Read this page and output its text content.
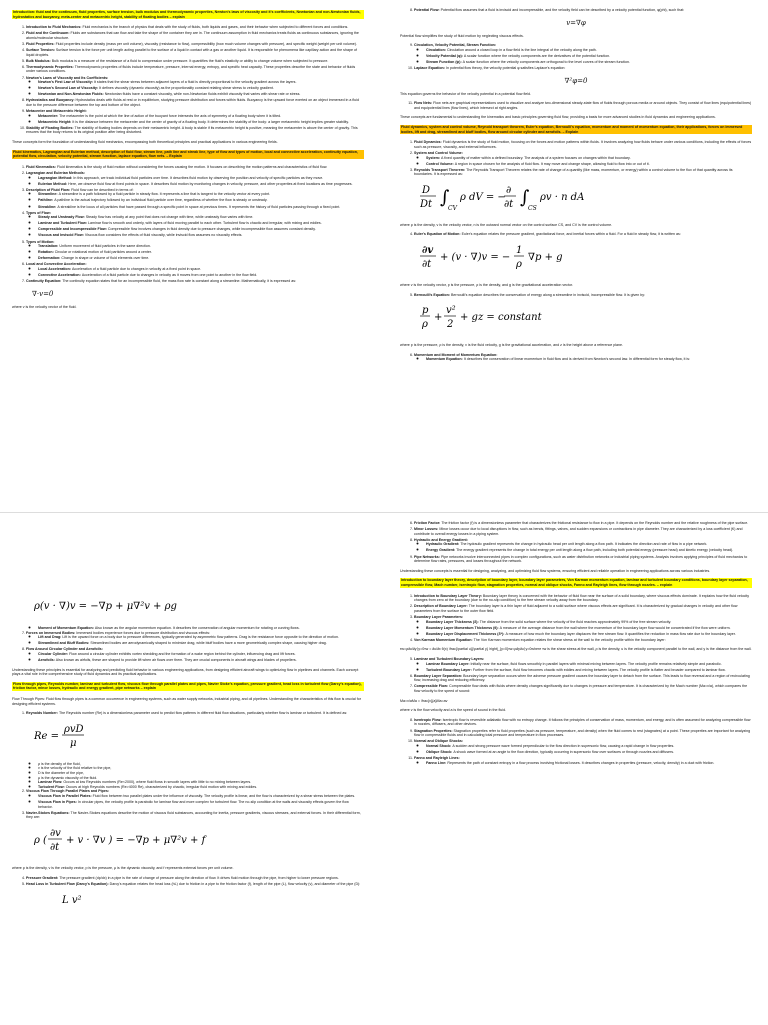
Introduction: fluid and the continuum, fluid properties, surface tension, bulk modulus and thermodynamic properties, Newton's laws of viscosity and it's coefficients, Newtonian and non-Newtonian fluids, hydrostatics and buoyancy, meta-center and metacentric height, stability of floating bodies – explain
1. Introduction to Fluid Mechanics: Fluid mechanics is the branch of physics that deals with the study of fluids, both liquids and gases, and their behavior when subjected to different forces and conditions.
2. Fluid and the Continuum: Fluids are substances that can flow and take the shape of the container they are in. The continuum assumption in fluid mechanics treats fluids as continuous substances, ignoring the atomic/molecular structure.
3. Fluid Properties: Fluid properties include density (mass per unit volume), viscosity (resistance to flow), compressibility (how much volume changes with pressure), and specific weight (weight per unit volume).
4. Surface Tension: Surface tension is the force per unit length acting parallel to the surface of a liquid in contact with a gas or another liquid. It is responsible for phenomena like capillary action and the shape of liquid droplets.
5. Bulk Modulus: Bulk modulus is a measure of the resistance of a fluid to compression under pressure. It quantifies the fluid's elasticity or ability to change volume when subjected to pressure.
6. Thermodynamic Properties: Thermodynamic properties of fluids include temperature, pressure, internal energy, entropy, and specific heat capacity. These properties describe the state and behavior of fluids under various conditions.
7. Newton's Laws of Viscosity and Its Coefficients:
◦ Newton's First Law of Viscosity: It states that the shear stress between adjacent layers of a fluid is directly proportional to the velocity gradient across the layers.
◦ Newton's Second Law of Viscosity: It defines viscosity (dynamic viscosity) as the proportionality constant relating shear stress to velocity gradient.
◦ Newtonian and Non-Newtonian Fluids: Newtonian fluids have a constant viscosity, while non-Newtonian fluids exhibit viscosity that varies with shear rate or stress.
8. Hydrostatics and Buoyancy: Hydrostatics deals with fluids at rest or in equilibrium, studying pressure distribution and forces within fluids. Buoyancy is the upward force exerted on an object immersed in a fluid due to the pressure difference between the top and bottom of the object.
9. Metacenter and Metacentric Height:
◦ Metacenter: The metacenter is the point at which the line of action of the buoyant force intersects the axis of symmetry of a floating body when it is tilted.
◦ Metacentric Height: It is the distance between the metacenter and the center of gravity of a floating body. It determines the stability of the body: a larger metacentric height implies greater stability.
10. Stability of Floating Bodies: The stability of floating bodies depends on their metacentric height. A body is stable if its metacentric height is positive, meaning the metacenter is above the center of gravity. This ensures that the body returns to its original position after being disturbed.

These concepts form the foundation of understanding fluid mechanics, encompassing both theoretical principles and practical applications in various engineering fields.

Fluid kinematics, Lagrangian and Eulerian method, description of fluid flow, stream line, path line and streak line, type of flow and types of motion, local and connective acceleration, continuity equation, potential flow, circulation, velocity potential, stream function, laplace equation, flow nets. – Explain
1. Fluid Kinematics: Fluid kinematics is the study of fluid motion without considering the forces causing the motion. It focuses on describing the motion patterns and characteristics of fluid flow.
2. Lagrangian and Eulerian Methods:
◦ Lagrangian Method: In this approach, we track individual fluid particles over time. It describes fluid motion by observing the position and velocity of specific particles as they move.
◦ Eulerian Method: Here, we observe fluid flow at fixed points in space. It describes fluid motion by monitoring changes in velocity, pressure, and other properties at fixed locations as time progresses.
3. Description of Fluid Flow: Fluid flow can be described in terms of:
◦ Streamline: A streamline is a path followed by a fluid particle in steady flow. It represents a line that is tangent to the velocity vector at every point.
◦ Pathline: A pathline is the actual trajectory followed by an individual fluid particle over time, regardless of whether the flow is steady or unsteady.
◦ Streakline: A streakline is the locus of all particles that have passed through a specific point in space at previous times. It represents the history of fluid particles passing through a fixed point.
4. Types of Flow:
◦ Steady and Unsteady Flow: Steady flow has velocity at any point that does not change with time, while unsteady flow varies with time.
◦ Laminar and Turbulent Flow: Laminar flow is smooth and orderly, with layers of fluid moving parallel to each other. Turbulent flow is chaotic and irregular, with mixing and eddies.
◦ Compressible and Incompressible Flow: Compressible flow involves changes in fluid density due to pressure changes, while incompressible flow assumes constant density.
◦ Viscous and Inviscid Flow: Viscous flow considers the effects of fluid viscosity, while inviscid flow assumes no viscosity effects.
5. Types of Motion:
◦ Translation: Uniform movement of fluid particles in the same direction.
◦ Rotation: Circular or rotational motion of fluid particles around a center.
◦ Deformation: Change in shape or volume of fluid elements over time.
6. Local and Convective Acceleration:
◦ Local Acceleration: Acceleration of a fluid particle due to changes in velocity at a fixed point in space.
◦ Convective Acceleration: Acceleration of a fluid particle due to changes in velocity as it moves from one point to another in the flow field.
7. Continuity Equation: The continuity equation states that for an incompressible fluid, the mass flow rate is constant along a streamline. Mathematically, it is expressed as:
∇·v=0

where v is the velocity vector of the fluid.

8. Potential Flow: Potential flow assumes that a fluid is inviscid and incompressible, and the velocity field can be described by a velocity potential function, φ(phi), such that:
v=∇φ

Potential flow simplifies the study of fluid motion by neglecting viscous effects.

9. Circulation, Velocity Potential, Stream Function:
◦ Circulation: Circulation around a closed loop in a flow field is the line integral of the velocity along the path.
◦ Velocity Potential (φ): A scalar function where the velocity components are the derivatives of the potential function.
◦ Stream Function (ψ): A scalar function where the velocity components are orthogonal to the level curves of the stream function.
10. Laplace Equation: In potential flow theory, the velocity potential φ satisfies Laplace's equation:
∇²φ=0

This equation governs the behavior of the velocity potential in a potential flow field.

11. Flow Nets: Flow nets are graphical representations used to visualize and analyze two-dimensional steady-state flow of fluids through porous media or around objects. They consist of flow lines (equipotential lines) and equipotential lines (flow lines), which intersect at right angles.

These concepts are fundamental to understanding the kinematics and basic principles governing fluid flow, providing a basis for more advanced studies in fluid dynamics and engineering applications.

Fluid dynamics, system and control volume, Reynold transport theorem, Euler's equation, Bernoulli's equation, momentum and moment of momentum equation, their applications, forces on immersed bodies, lift and drag, streamlined and bluff bodies, flow around circular cylinder and aerofoils. – Explain
1. Fluid Dynamics: Fluid dynamics is the study of fluid motion, focusing on the forces and motion patterns within fluids. It involves analyzing how fluids behave under various conditions, including the effects of forces such as pressure, viscosity, and external influences.
2. System and Control Volume:
◦ System: A fixed quantity of matter within a defined boundary. The analysis of a system focuses on changes within that boundary.
◦ Control Volume: A region in space chosen for the analysis of fluid flow. It may move and change shape, allowing fluid to flow into or out of it.
3. Reynolds Transport Theorem: The Reynolds Transport Theorem relates the rate of change of a quantity (like mass, momentum, or energy) within a control volume to the flux of that quantity across its boundaries. It is expressed as:
D
Dt ∫
CV
ρ dV = −
∂
∂t ∫
CS
ρv · n dA

where ρ is the density, v is the velocity vector, n is the outward normal vector on the control surface CS, and CV is the control volume.

4. Euler's Equation of Motion: Euler's equation relates the pressure gradient, gravitational force, and inertial forces within a fluid. For a fluid in steady flow, it is written as:
∂v
∂t
+ (v · ∇)v = −
1
ρ
∇p + g

where v is the velocity vector, p is the pressure, ρ is the density, and g is the gravitational acceleration vector.

5. Bernoulli's Equation: Bernoulli's equation describes the conservation of energy along a streamline in inviscid, incompressible flow. It is given by:
p
ρ
+
v²
2
+ gz = constant

where p is the pressure, ρ is the density, v is the fluid velocity, g is the gravitational acceleration, and z is the height above a reference plane.

6. Momentum and Moment of Momentum Equation:
◦ Momentum Equation: It describes the conservation of linear momentum in fluid flow and is derived from Newton's second law. In differential form for steady flow, it is:
ρ(v · ∇)v = −∇p + μ∇²v + ρg
◦ Moment of Momentum Equation: Also known as the angular momentum equation. It describes the conservation of angular momentum for rotating or curving flows.
7. Forces on Immersed Bodies: Immersed bodies experience forces due to pressure distribution and viscous effects:
◦ Lift and Drag: Lift is the upward force on a body due to pressure differences, typically generated by asymmetric flow patterns. Drag is the resistance force opposite to the direction of motion.
◦ Streamlined and Bluff Bodies: Streamlined bodies are aerodynamically shaped to minimize drag, while bluff bodies have a more geometrically complex shape, causing higher drag.
8. Flow Around Circular Cylinder and Aerofoils:
◦ Circular Cylinder: Flow around a circular cylinder exhibits vortex shedding and the formation of a wake region behind the cylinder, influencing drag and lift forces.
◦ Aerofoils: Also known as airfoils, these are shaped to provide lift when air flows over them. They are crucial components in aircraft wings and blades of propellers.

Understanding these principles is essential for analyzing and predicting fluid behavior in various engineering applications, from designing efficient aircraft wings to optimizing flow in pipelines and channels. Each concept plays a vital role in the comprehensive study of fluid dynamics and its practical applications.

Flow through pipes, Reynolds number, laminar and turbulent flow, viscous flow through parallel plates and pipes, Navier Stoke's equation, pressure gradient, head loss in turbulent flow (Darcy's equation), friction factor, minor losses, hydraulic and energy gradient, pipe networks – explain

Flow Through Pipes: Fluid flow through pipes is a common occurrence in engineering systems, such as water supply networks, industrial piping, and oil pipelines. Understanding the characteristics of this flow is crucial for designing efficient systems.

1. Reynolds Number: The Reynolds number (Re) is a dimensionless parameter used to predict flow patterns in different fluid flow situations, particularly whether flow is laminar or turbulent. It is defined as:
Re =
ρvD
μ
◦ ρ is the density of the fluid,
◦ v is the velocity of the fluid relative to the pipe,
◦ D is the diameter of the pipe,
◦ μ is the dynamic viscosity of the fluid.
◦ Laminar Flow: Occurs at low Reynolds numbers (Re<2000), where fluid flows in smooth layers with little to no mixing between layers.
◦ Turbulent Flow: Occurs at high Reynolds numbers (Re>4000 Re), characterized by chaotic, irregular fluid motion with mixing and eddies.
2. Viscous Flow Through Parallel Plates and Pipes:
◦ Viscous Flow in Parallel Plates: Fluid flow between two parallel plates under the influence of viscosity. The velocity profile is linear, and the flow is characterized by a shear stress between the plates.
◦ Viscous Flow in Pipes: In circular pipes, the velocity profile is parabolic for laminar flow and more complex for turbulent flow. The no-slip condition at the walls and viscosity effects govern the flow behavior.
3. Navier-Stokes Equations: The Navier-Stokes equations describe the motion of viscous fluid substances, accounting for inertia, pressure gradients, viscous stresses, and external forces. In their differential form, they are:
ρ (
∂v
∂t
+ v · ∇v ) = −∇p + μ∇²v + f

where ρ is the density, v is the velocity vector, p is the pressure, μ is the dynamic viscosity, and f represents external forces per unit volume.

4. Pressure Gradient: The pressure gradient (dp/dx) in a pipe is the rate of change of pressure along the direction of flow. It drives fluid motion through the pipe, from higher to lower pressure regions.
5. Head Loss in Turbulent Flow (Darcy's Equation): Darcy's equation relates the head loss (hL) due to friction in a pipe to the friction factor (f), length of the pipe (L), flow velocity (v), and diameter of the pipe (D):
L v²
6. Friction Factor: The friction factor (f) is a dimensionless parameter that characterizes the frictional resistance to flow in a pipe. It depends on the Reynolds number and the relative roughness of the pipe surface.
7. Minor Losses: Minor losses occur due to local disruptions in flow, such as bends, fittings, valves, and sudden expansions or contractions in pipe diameter. They are characterized by a loss coefficient (K) and contribute to overall energy losses in a piping system.
8. Hydraulic and Energy Gradient:
◦ Hydraulic Gradient: The hydraulic gradient represents the change in hydraulic head per unit length along a flow path. It indicates the direction and rate of flow in a pipe network.
◦ Energy Gradient: The energy gradient represents the change in total energy per unit length along a flow path, including both potential energy (pressure head) and kinetic energy (velocity head).
9. Pipe Networks: Pipe networks involve interconnected pipes in complex configurations, such as water distribution networks or industrial piping systems. Analysis involves applying principles of fluid mechanics to determine flow rates, pressures, and losses throughout the network.

Understanding these concepts is essential for designing, analyzing, and optimizing fluid flow systems, ensuring efficient and reliable operation in engineering applications across various industries.

Introduction to boundary layer theory, description of boundary layer, boundary layer parameters, Von Karman momentum equation, laminar and turbulent boundary conditions, boundary layer separation, compressible flow, Mach number, isentropic flow, stagnation properties, normal and oblique shocks, Fanno and Rayleigh lines, flow through nozzles. – explain
1. Introduction to Boundary Layer Theory: Boundary layer theory is concerned with the behavior of fluid flow near the surface of a solid boundary, where viscous effects dominate. It explains how the fluid velocity changes from zero at the boundary (due to the no-slip condition) to the free stream velocity away from the boundary.
2. Description of Boundary Layer: The boundary layer is a thin layer of fluid adjacent to a solid surface where viscous effects are significant. It is characterized by gradual changes in velocity and other flow parameters from the surface to the outer flow field.
3. Boundary Layer Parameters:
◦ Boundary Layer Thickness (δ): The distance from the solid surface where the velocity of the fluid reaches approximately 99% of the free stream velocity.
◦ Boundary Layer Momentum Thickness (θ): A measure of the average distance from the wall where the momentum of the boundary layer flow would be concentrated if the flow were uniform.
◦ Boundary Layer Displacement Thickness (δ*): A measure of how much the boundary layer displaces the free stream flow. It quantifies the reduction in mass flow rate due to the boundary layer.
4. Von Karman Momentum Equation: The Von Karman momentum equation relates the shear stress at the wall to the velocity profile within the boundary layer:

τw=ρ∂u/∂y∣y=0τw = ∂u/∂x θ(x) \frac{\partial u}{\partial y} \right|_{y=0}τw=ρ∂y∂u∣y=0where τw is the shear stress at the wall, ρ is the density, u is the velocity component parallel to the wall, and y is the distance from the wall.

5. Laminar and Turbulent Boundary Layers:
◦ Laminar Boundary Layer: Initially near the surface, fluid flows smoothly in parallel layers with minimal mixing between layers. The velocity profile remains relatively simple and parabolic.
◦ Turbulent Boundary Layer: Further from the surface, fluid flow becomes chaotic with eddies and mixing between layers. The velocity profile is flatter and broader compared to laminar flow.
6. Boundary Layer Separation: Boundary layer separation occurs when the adverse pressure gradient causes the boundary layer to detach from the surface. This leads to flow reversal and a region of recirculating flow, increasing drag and reducing efficiency.
7. Compressible Flow: Compressible flow deals with fluids where density changes significantly due to changes in pressure and temperature. It is characterized by the Mach number (Ma=v/a), which compares the flow velocity to the speed of sound:

Ma=v/aMa = \frac{v}{a}Ma=av

where v is the flow velocity and a is the speed of sound in the fluid.

8. Isentropic Flow: Isentropic flow is reversible adiabatic flow with no entropy change. It follows the principles of conservation of mass, momentum, and energy, and is often assumed for analyzing compressible flow in nozzles, diffusers, and other devices.
9. Stagnation Properties: Stagnation properties refer to fluid properties (such as pressure, temperature, and density) when the fluid comes to rest (stagnates) at a point. These properties are important for analyzing flow in compressible fluids and in calculating total pressure and temperature in flow processes.
10. Normal and Oblique Shocks:
◦ Normal Shock: A sudden and strong pressure wave formed perpendicular to the flow direction in supersonic flow, causing a rapid change in flow properties.
◦ Oblique Shock: A shock wave formed at an angle to the flow direction, typically occurring in supersonic flow over surfaces or through nozzles and diffusers.
11. Fanno and Rayleigh Lines:
◦ Fanno Line: Represents the path of constant entropy in a flow process involving frictional losses. It describes changes in properties (pressure, velocity, density) in a duct with friction.
